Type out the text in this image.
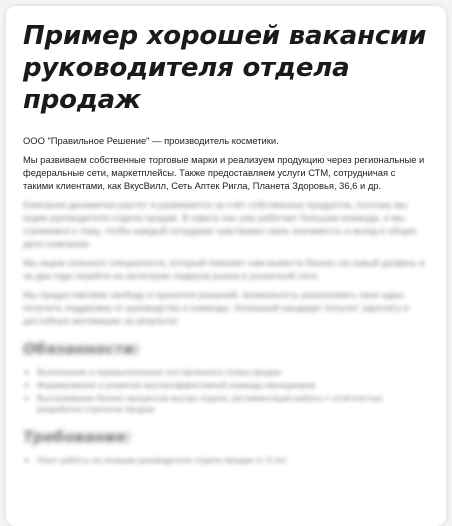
Пример хорошей вакансии руководителя отдела продаж

ООО "Правильное Решение" — производитель косметики.

Мы развиваем собственные торговые марки и реализуем продукцию через региональные и федеральные сети, маркетплейсы. Также предоставляем услуги СТМ, сотрудничая с такими клиентами, как ВкусВилл, Сеть Аптек Ригла, Планета Здоровья, 36,6 и др.

Компания динамично растет и развивается за счёт собственных продуктов, поэтому мы ищем руководителя отдела продаж. В офисе нас уже работает большая команда, и мы стремимся к тому, чтобы каждый сотрудник чувствовал свою значимость и вклад в общее дело компании.

Мы ищем сильного специалиста, который поможет нам вывести бизнес на новый уровень и за два года перейти на категорию лидеров рынка в розничной сети.

Мы предоставляем свободу и принятия решений, возможность реализовать свои идеи, получить поддержку от руководства и команды. Успешный кандидат получит зарплату и достойную мотивацию за результат.

Обязанности:
• Выполнение и перевыполнение поставленного плана продаж
• Формирование и развитие высокоэффективной команды менеджеров
• Выстраивание бизнес-процессов внутри отдела, регламентация работы с отчётностью, разработка стратегии продаж
Требования:
• Опыт работы на позиции руководителя отдела продаж от 3 лет
